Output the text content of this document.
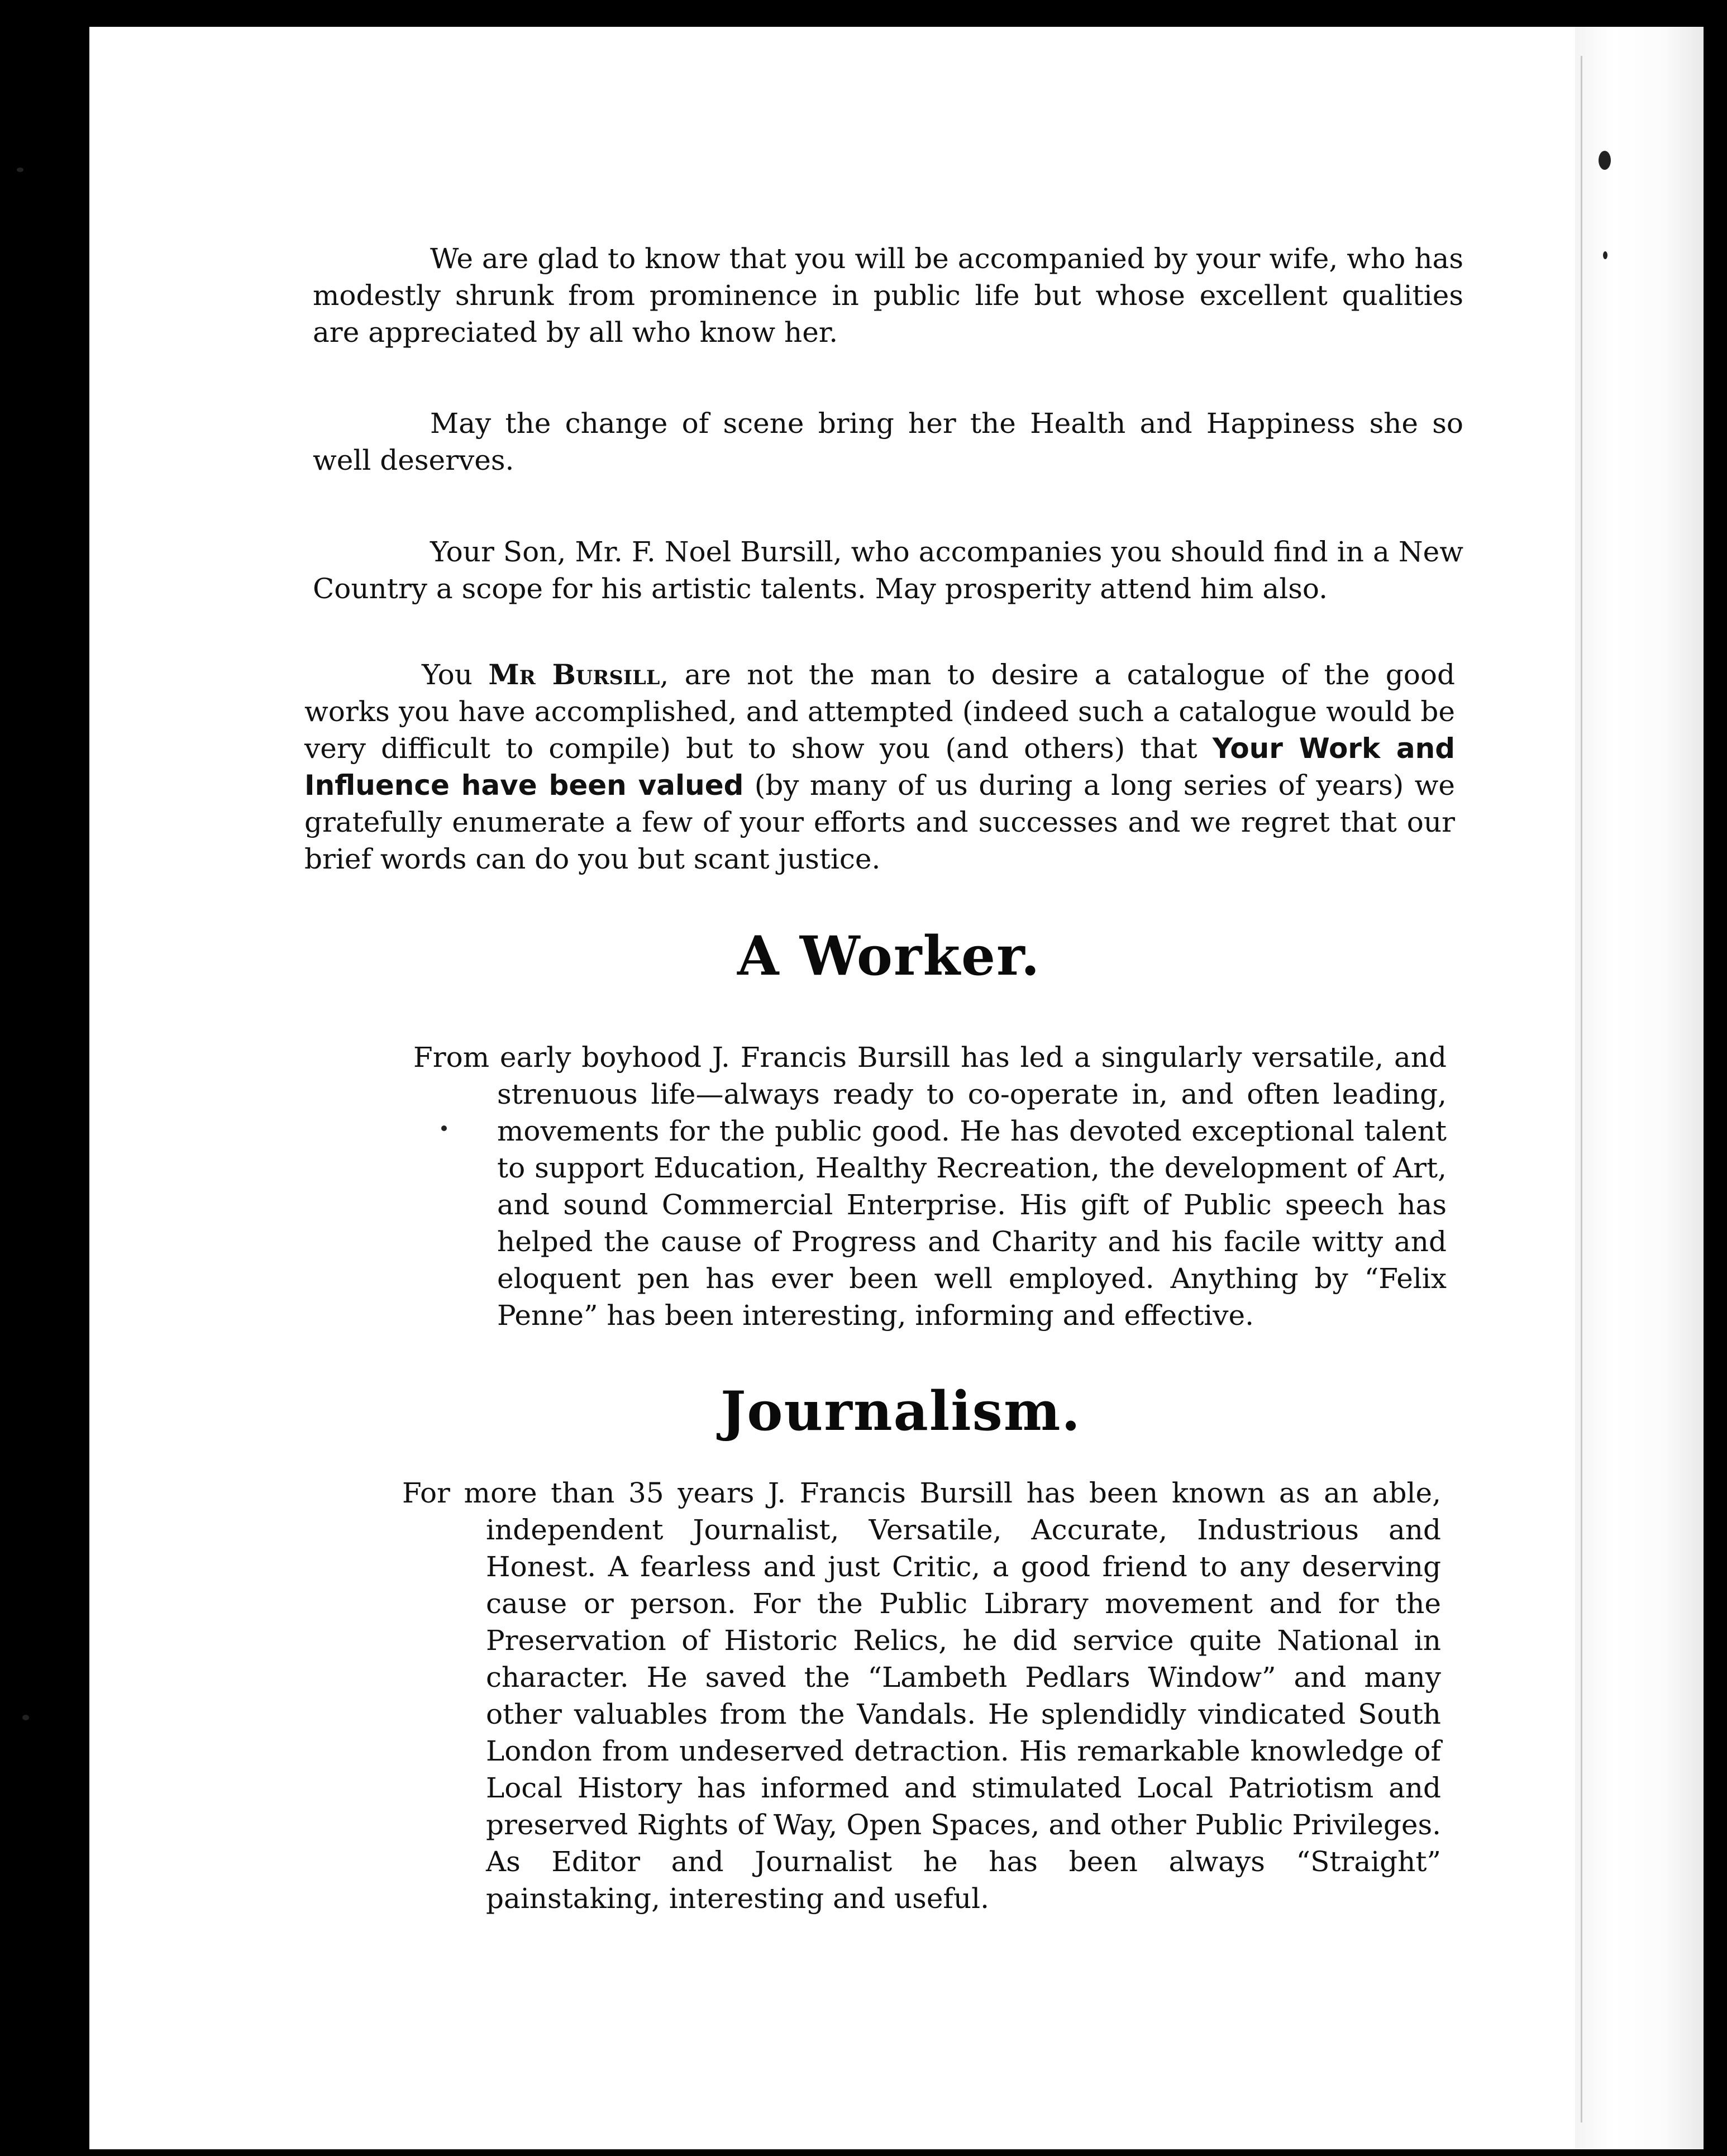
We are glad to know that you will be accompanied by your wife, who has modestly shrunk from prominence in public life but whose excellent qualities are appreciated by all who know her.

May the change of scene bring her the Health and Happiness she so well deserves.

Your Son, Mr. F. Noel Bursill, who accompanies you should find in a New Country a scope for his artistic talents. May prosperity attend him also.

You Mr Bursill, are not the man to desire a catalogue of the good works you have accomplished, and attempted (indeed such a catalogue would be very difficult to compile) but to show you (and others) that Your Work and Influence have been valued (by many of us during a long series of years) we gratefully enumerate a few of your efforts and successes and we regret that our brief words can do you but scant justice.

A Worker.

From early boyhood J. Francis Bursill has led a singularly versatile, and strenuous life—always ready to co-operate in, and often leading, movements for the public good. He has devoted exceptional talent to support Education, Healthy Recreation, the development of Art, and sound Commercial Enterprise. His gift of Public speech has helped the cause of Progress and Charity and his facile witty and eloquent pen has ever been well employed. Anything by “Felix Penne” has been interesting, informing and effective.

Journalism.

For more than 35 years J. Francis Bursill has been known as an able, independent Journalist, Versatile, Accurate, Industrious and Honest. A fearless and just Critic, a good friend to any deserving cause or person. For the Public Library movement and for the Preservation of Historic Relics, he did service quite National in character. He saved the “Lambeth Pedlars Window” and many other valuables from the Vandals. He splendidly vindicated South London from undeserved detraction. His remarkable knowledge of Local History has informed and stimulated Local Patriotism and preserved Rights of Way, Open Spaces, and other Public Privileges. As Editor and Journalist he has been always “Straight” painstaking, interesting and useful.
